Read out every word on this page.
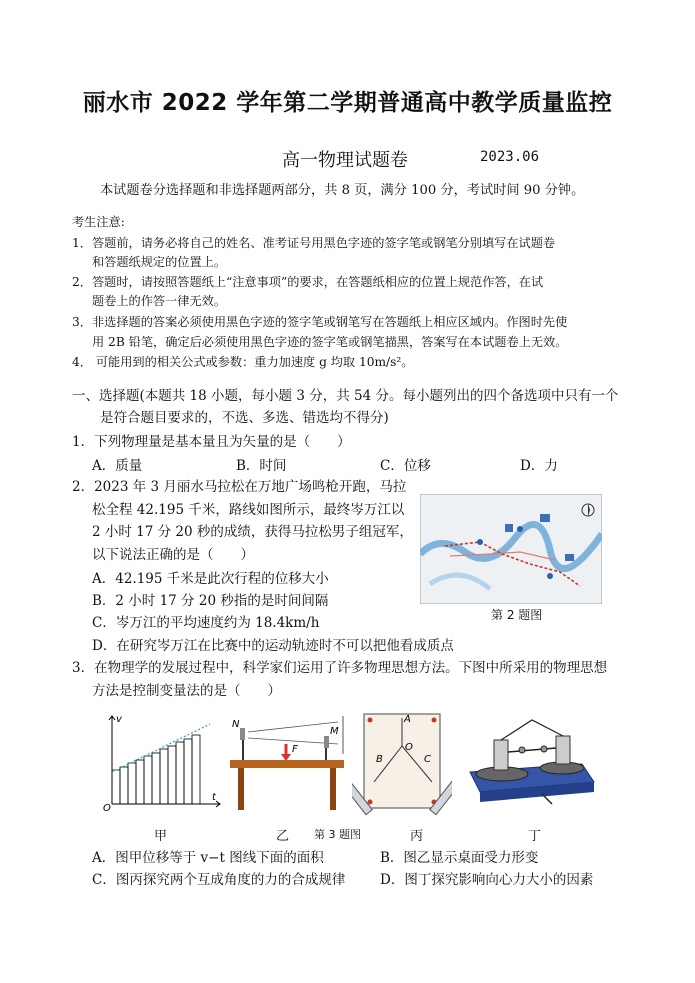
丽水市 2022 学年第二学期普通高中教学质量监控
高一物理试题卷	2023.06
本试题卷分选择题和非选择题两部分，共 8 页，满分 100 分，考试时间 90 分钟。
考生注意:
1．答题前，请务必将自己的姓名、准考证号用黑色字迹的签字笔或钢笔分别填写在试题卷
和答题纸规定的位置上。
2．答题时，请按照答题纸上“注意事项”的要求，在答题纸相应的位置上规范作答，在试
题卷上的作答一律无效。
3．非选择题的答案必须使用黑色字迹的签字笔或钢笔写在答题纸上相应区域内。作图时先使
用 2B 铅笔，确定后必须使用黑色字迹的签字笔或钢笔描黑，答案写在本试题卷上无效。
4． 可能用到的相关公式或参数：重力加速度 g 均取 10m/s²。
一、选择题(本题共 18 小题，每小题 3 分，共 54 分。每小题列出的四个备选项中只有一个
是符合题目要求的，不选、多选、错选均不得分)
1．下列物理量是基本量且为矢量的是（　　）
A．质量	B．时间	C．位移	D．力
2．2023 年 3 月丽水马拉松在万地广场鸣枪开跑，马拉
松全程 42.195 千米，路线如图所示，最终岑万江以
2 小时 17 分 20 秒的成绩，获得马拉松男子组冠军，
以下说法正确的是（　　）
A．42.195 千米是此次行程的位移大小
B．2 小时 17 分 20 秒指的是时间间隔
C．岑万江的平均速度约为 18.4km/h
D．在研究岑万江在比赛中的运动轨迹时不可以把他看成质点
第 2 题图
3．在物理学的发展过程中，科学家们运用了许多物理思想方法。下图中所采用的物理思想
方法是控制变量法的是（　　）
v
t
O
N
M
F
A
O
B	C
甲	乙 第 3 题图	丙	丁
A．图甲位移等于 v−t 图线下面的面积	B．图乙显示桌面受力形变
C．图丙探究两个互成角度的力的合成规律	D．图丁探究影响向心力大小的因素
